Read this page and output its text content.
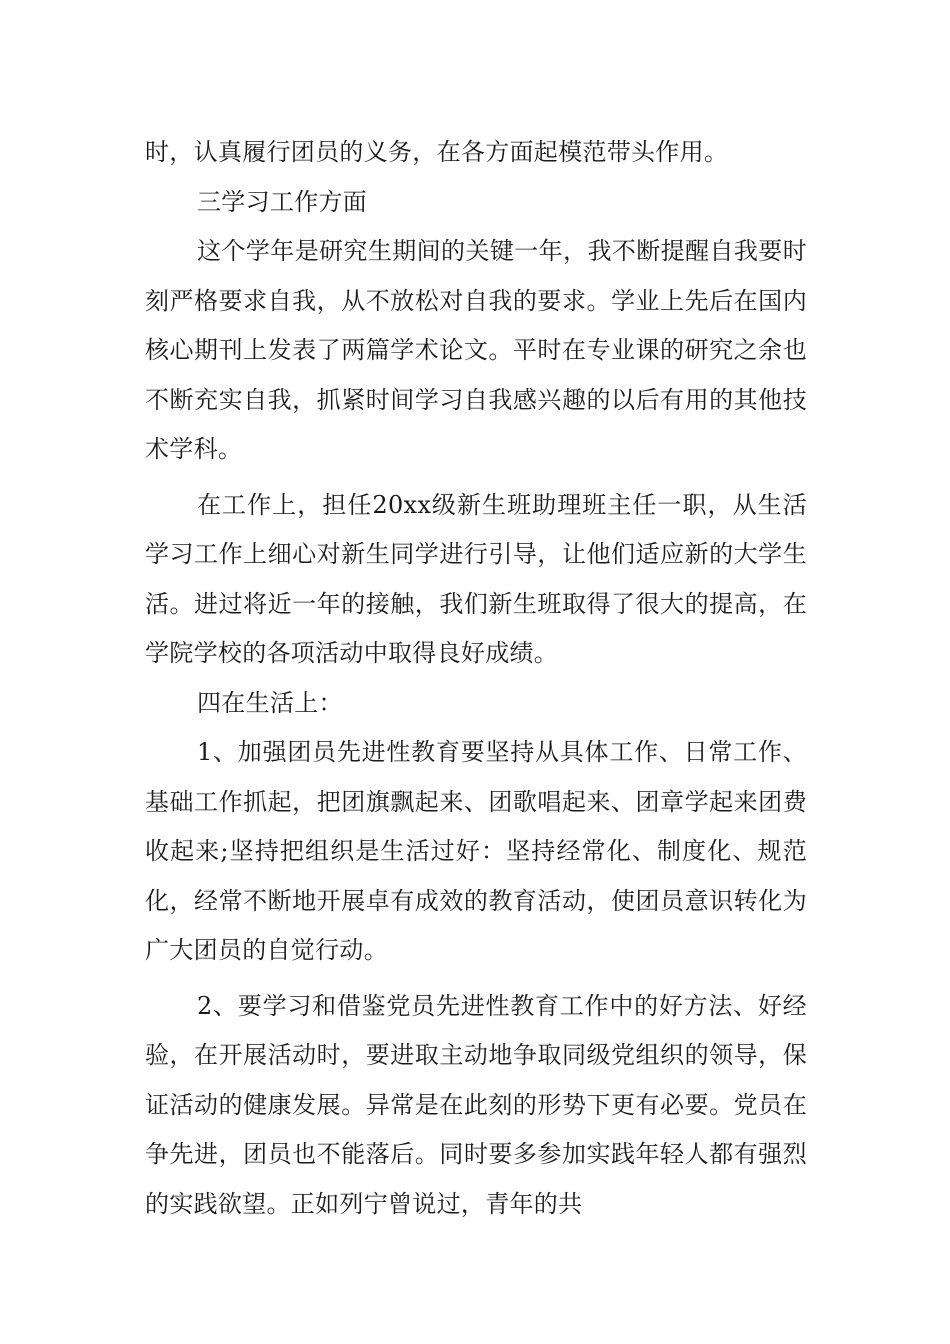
时，认真履行团员的义务，在各方面起模范带头作用。

三学习工作方面

这个学年是研究生期间的关键一年，我不断提醒自我要时刻严格要求自我，从不放松对自我的要求。学业上先后在国内核心期刊上发表了两篇学术论文。平时在专业课的研究之余也不断充实自我，抓紧时间学习自我感兴趣的以后有用的其他技术学科。

在工作上，担任20xx级新生班助理班主任一职，从生活学习工作上细心对新生同学进行引导，让他们适应新的大学生活。进过将近一年的接触，我们新生班取得了很大的提高，在学院学校的各项活动中取得良好成绩。

四在生活上：

1、加强团员先进性教育要坚持从具体工作、日常工作、基础工作抓起，把团旗飘起来、团歌唱起来、团章学起来团费收起来;坚持把组织是生活过好：坚持经常化、制度化、规范化，经常不断地开展卓有成效的教育活动，使团员意识转化为广大团员的自觉行动。

2、要学习和借鉴党员先进性教育工作中的好方法、好经验，在开展活动时，要进取主动地争取同级党组织的领导，保证活动的健康发展。异常是在此刻的形势下更有必要。党员在争先进，团员也不能落后。同时要多参加实践年轻人都有强烈的实践欲望。正如列宁曾说过，青年的共
